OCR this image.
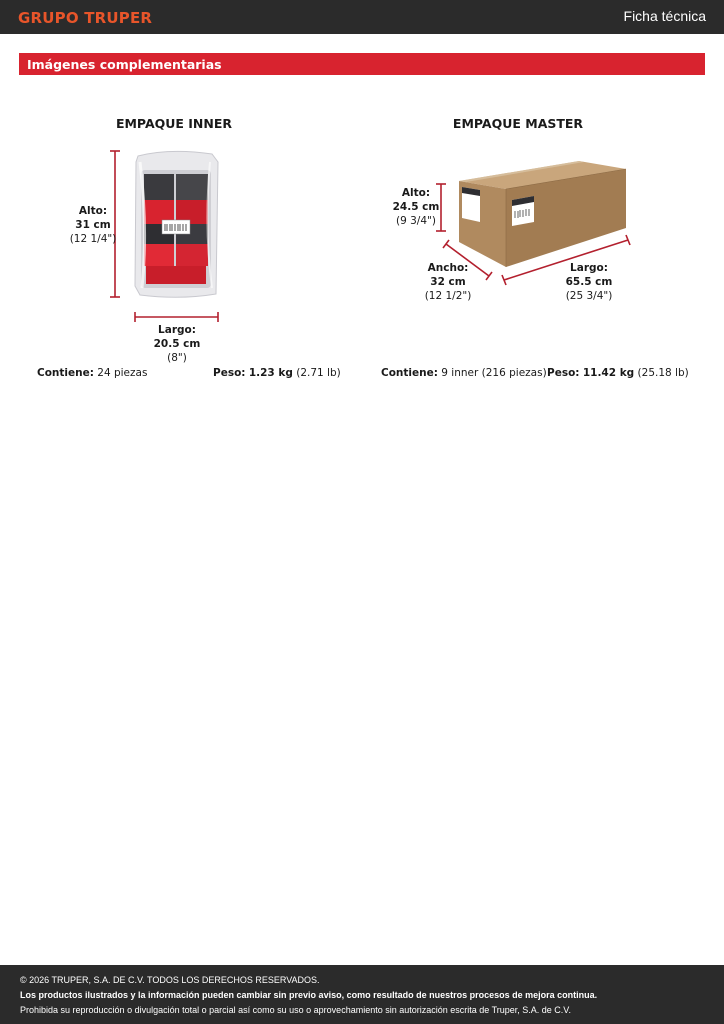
GRUPO TRUPER	Ficha técnica
Imágenes complementarias
EMPAQUE INNER
Alto:
31 cm
(12 1/4")
Largo:
20.5 cm
(8")
Contiene: 24 piezas	Peso: 1.23 kg (2.71 lb)
EMPAQUE MASTER
Alto:
24.5 cm
(9 3/4")
Ancho:
32 cm
(12 1/2")
Largo:
65.5 cm
(25 3/4")
Contiene: 9 inner (216 piezas) Peso: 11.42 kg (25.18 lb)
© 2026 TRUPER, S.A. DE C.V. TODOS LOS DERECHOS RESERVADOS.
Los productos ilustrados y la información pueden cambiar sin previo aviso, como resultado de nuestros procesos de mejora continua.
Prohibida su reproducción o divulgación total o parcial así como su uso o aprovechamiento sin autorización escrita de Truper, S.A. de C.V.
